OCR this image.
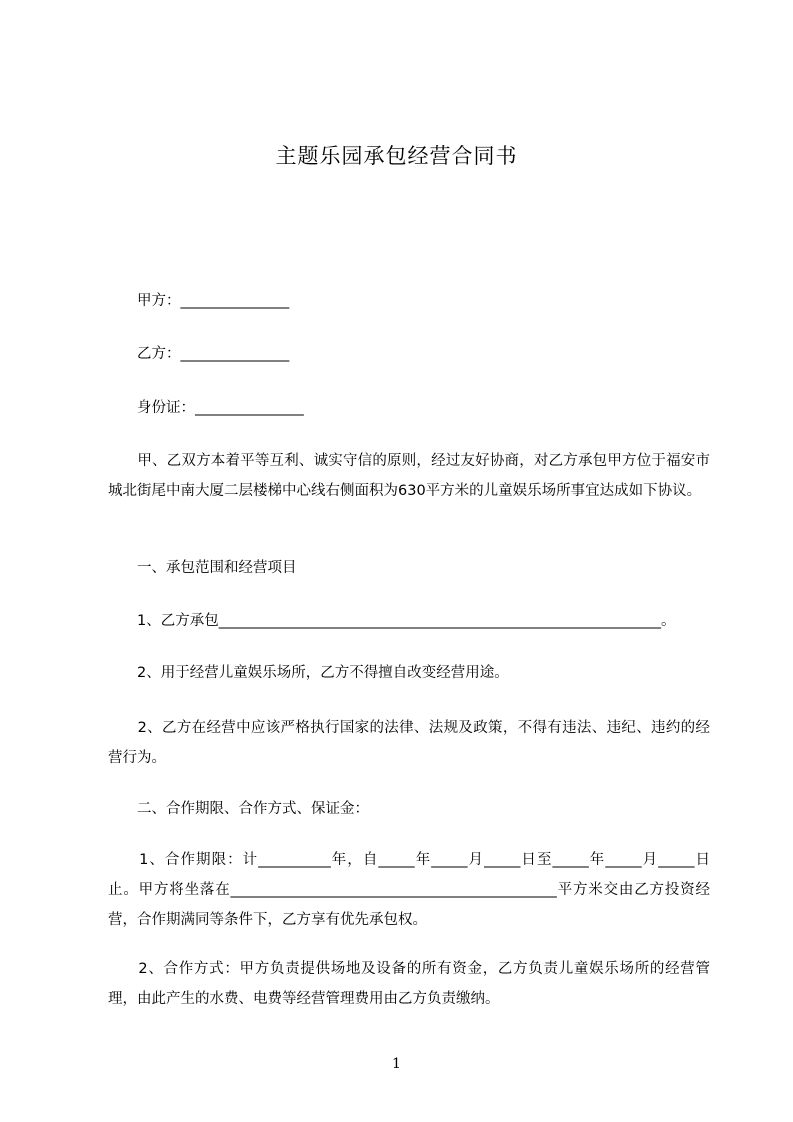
主题乐园承包经营合同书
　　甲方：_______________
　　乙方：_______________
　　身份证：_______________
　　甲、乙双方本着平等互利、诚实守信的原则，经过友好协商，对乙方承包甲方位于福安市城北街尾中南大厦二层楼梯中心线右侧面积为630平方米的儿童娱乐场所事宜达成如下协议。
　　一、承包范围和经营项目
　　1、乙方承包_____________________________________________________________。
　　2、用于经营儿童娱乐场所，乙方不得擅自改变经营用途。
　　2、乙方在经营中应该严格执行国家的法律、法规及政策，不得有违法、违纪、违约的经营行为。
　　二、合作期限、合作方式、保证金：
　　1、合作期限：计__________年，自_____年_____月_____日至_____年_____月_____日止。甲方将坐落在_____________________________________________平方米交由乙方投资经营，合作期满同等条件下，乙方享有优先承包权。
　　2、合作方式：甲方负责提供场地及设备的所有资金，乙方负责儿童娱乐场所的经营管理，由此产生的水费、电费等经营管理费用由乙方负责缴纳。
1
